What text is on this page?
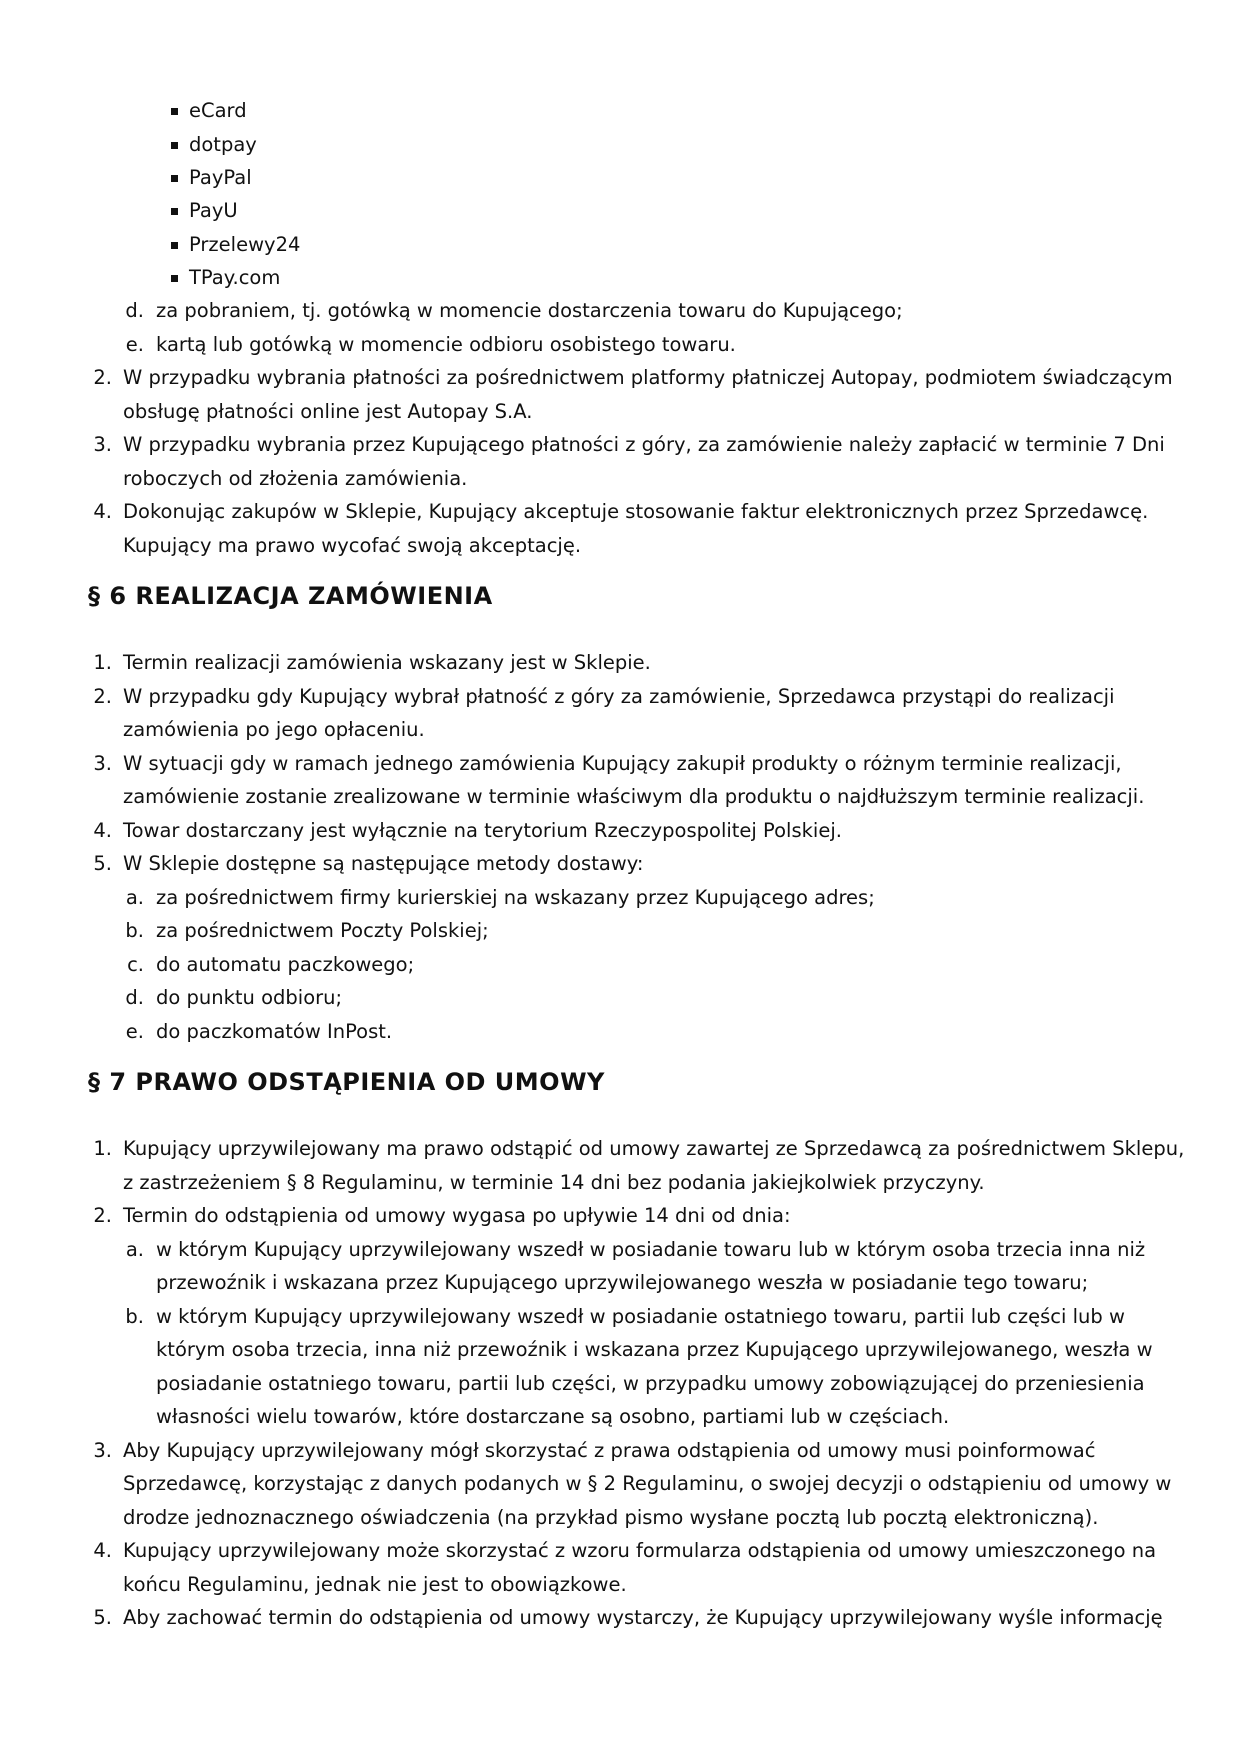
eCard
dotpay
PayPal
PayU
Przelewy24
TPay.com
d. za pobraniem, tj. gotówką w momencie dostarczenia towaru do Kupującego;
e. kartą lub gotówką w momencie odbioru osobistego towaru.
2. W przypadku wybrania płatności za pośrednictwem platformy płatniczej Autopay, podmiotem świadczącym
obsługę płatności online jest Autopay S.A.
3. W przypadku wybrania przez Kupującego płatności z góry, za zamówienie należy zapłacić w terminie 7 Dni
roboczych od złożenia zamówienia.
4. Dokonując zakupów w Sklepie, Kupujący akceptuje stosowanie faktur elektronicznych przez Sprzedawcę.
Kupujący ma prawo wycofać swoją akceptację.
§ 6 REALIZACJA ZAMÓWIENIA
1. Termin realizacji zamówienia wskazany jest w Sklepie.
2. W przypadku gdy Kupujący wybrał płatność z góry za zamówienie, Sprzedawca przystąpi do realizacji
zamówienia po jego opłaceniu.
3. W sytuacji gdy w ramach jednego zamówienia Kupujący zakupił produkty o różnym terminie realizacji,
zamówienie zostanie zrealizowane w terminie właściwym dla produktu o najdłuższym terminie realizacji.
4. Towar dostarczany jest wyłącznie na terytorium Rzeczypospolitej Polskiej.
5. W Sklepie dostępne są następujące metody dostawy:
a. za pośrednictwem firmy kurierskiej na wskazany przez Kupującego adres;
b. za pośrednictwem Poczty Polskiej;
c. do automatu paczkowego;
d. do punktu odbioru;
e. do paczkomatów InPost.
§ 7 PRAWO ODSTĄPIENIA OD UMOWY
1. Kupujący uprzywilejowany ma prawo odstąpić od umowy zawartej ze Sprzedawcą za pośrednictwem Sklepu,
z zastrzeżeniem § 8 Regulaminu, w terminie 14 dni bez podania jakiejkolwiek przyczyny.
2. Termin do odstąpienia od umowy wygasa po upływie 14 dni od dnia:
a. w którym Kupujący uprzywilejowany wszedł w posiadanie towaru lub w którym osoba trzecia inna niż
przewoźnik i wskazana przez Kupującego uprzywilejowanego weszła w posiadanie tego towaru;
b. w którym Kupujący uprzywilejowany wszedł w posiadanie ostatniego towaru, partii lub części lub w
którym osoba trzecia, inna niż przewoźnik i wskazana przez Kupującego uprzywilejowanego, weszła w
posiadanie ostatniego towaru, partii lub części, w przypadku umowy zobowiązującej do przeniesienia
własności wielu towarów, które dostarczane są osobno, partiami lub w częściach.
3. Aby Kupujący uprzywilejowany mógł skorzystać z prawa odstąpienia od umowy musi poinformować
Sprzedawcę, korzystając z danych podanych w § 2 Regulaminu, o swojej decyzji o odstąpieniu od umowy w
drodze jednoznacznego oświadczenia (na przykład pismo wysłane pocztą lub pocztą elektroniczną).
4. Kupujący uprzywilejowany może skorzystać z wzoru formularza odstąpienia od umowy umieszczonego na
końcu Regulaminu, jednak nie jest to obowiązkowe.
5. Aby zachować termin do odstąpienia od umowy wystarczy, że Kupujący uprzywilejowany wyśle informację
